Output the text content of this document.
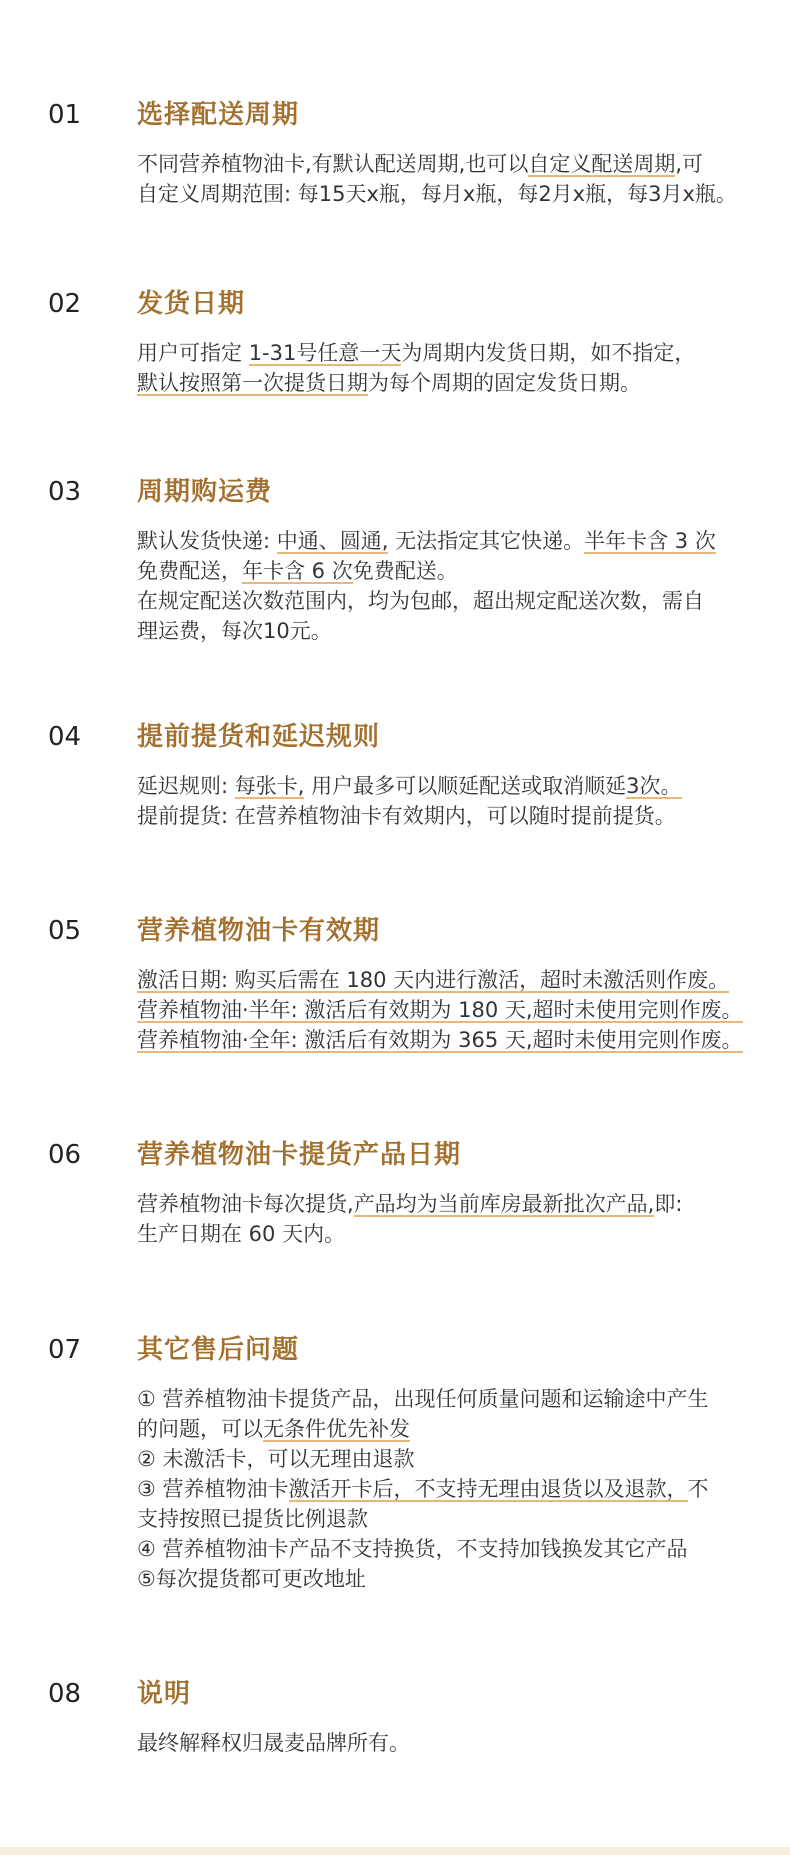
01 选择配送周期
不同营养植物油卡,有默认配送周期,也可以自定义配送周期,可
自定义周期范围: 每15天x瓶，每月x瓶，每2月x瓶，每3月x瓶。
02 发货日期
用户可指定 1-31号任意一天为周期内发货日期，如不指定，
默认按照第一次提货日期为每个周期的固定发货日期。
03 周期购运费
默认发货快递: 中通、圆通, 无法指定其它快递。半年卡含 3 次
免费配送，年卡含 6 次免费配送。
在规定配送次数范围内，均为包邮，超出规定配送次数，需自
理运费，每次10元。
04 提前提货和延迟规则
延迟规则: 每张卡, 用户最多可以顺延配送或取消顺延3次。
提前提货: 在营养植物油卡有效期内，可以随时提前提货。
05 营养植物油卡有效期
激活日期: 购买后需在 180 天内进行激活，超时未激活则作废。
营养植物油·半年: 激活后有效期为 180 天,超时未使用完则作废。
营养植物油·全年: 激活后有效期为 365 天,超时未使用完则作废。
06 营养植物油卡提货产品日期
营养植物油卡每次提货,产品均为当前库房最新批次产品,即:
生产日期在 60 天内。
07 其它售后问题
① 营养植物油卡提货产品，出现任何质量问题和运输途中产生
的问题，可以无条件优先补发
② 未激活卡，可以无理由退款
③ 营养植物油卡激活开卡后，不支持无理由退货以及退款，不
支持按照已提货比例退款
④ 营养植物油卡产品不支持换货，不支持加钱换发其它产品
⑤每次提货都可更改地址
08 说明
最终解释权归晟麦品牌所有。
